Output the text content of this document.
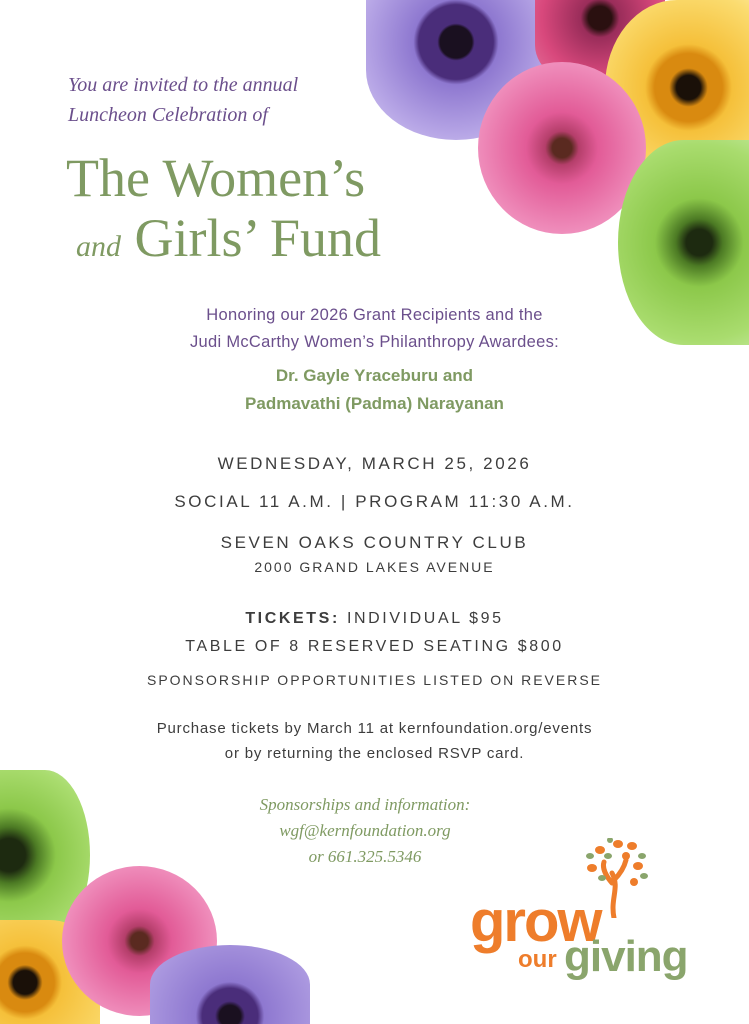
You are invited to the annual
Luncheon Celebration of
The Women’s
and Girls’ Fund
Honoring our 2026 Grant Recipients and the
Judi McCarthy Women’s Philanthropy Awardees:
Dr. Gayle Yraceburu and
Padmavathi (Padma) Narayanan
WEDNESDAY, MARCH 25, 2026
SOCIAL 11 A.M. | PROGRAM 11:30 A.M.
SEVEN OAKS COUNTRY CLUB
2000 GRAND LAKES AVENUE
TICKETS: INDIVIDUAL $95
TABLE OF 8 RESERVED SEATING $800
SPONSORSHIP OPPORTUNITIES LISTED ON REVERSE
Purchase tickets by March 11 at kernfoundation.org/events
or by returning the enclosed RSVP card.
Sponsorships and information:
wgf@kernfoundation.org
or 661.325.5346
grow
our giving
